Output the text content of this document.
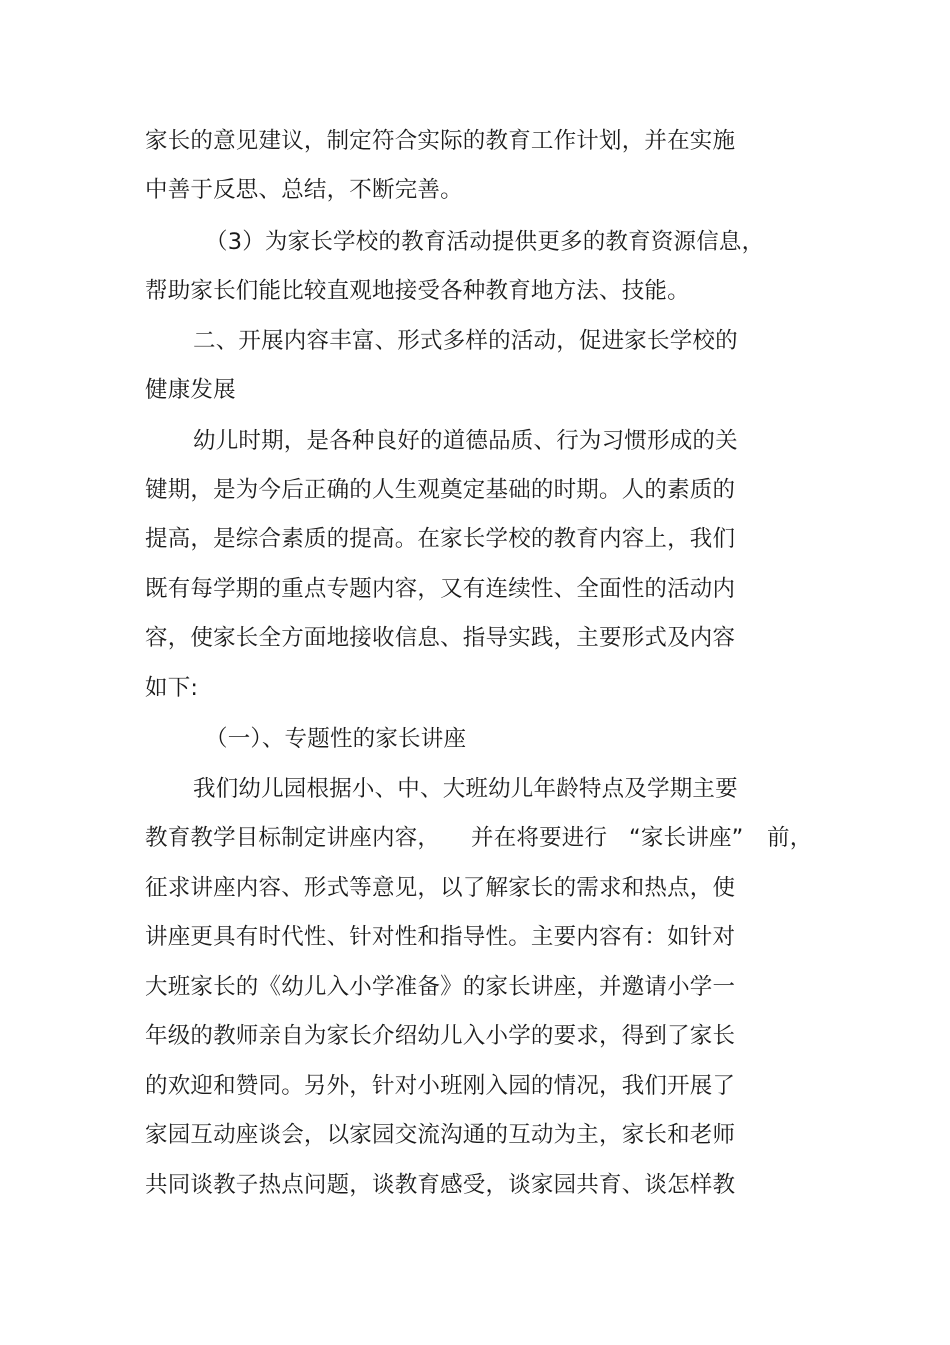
家长的意见建议，制定符合实际的教育工作计划，并在实施
中善于反思、总结，不断完善。
（3）为家长学校的教育活动提供更多的教育资源信息，
帮助家长们能比较直观地接受各种教育地方法、技能。
二、开展内容丰富、形式多样的活动，促进家长学校的
健康发展
幼儿时期，是各种良好的道德品质、行为习惯形成的关
键期，是为今后正确的人生观奠定基础的时期。人的素质的
提高，是综合素质的提高。在家长学校的教育内容上，我们
既有每学期的重点专题内容，又有连续性、全面性的活动内
容，使家长全方面地接收信息、指导实践，主要形式及内容
如下:
（一）、专题性的家长讲座
我们幼儿园根据小、中、大班幼儿年龄特点及学期主要
教育教学目标制定讲座内容， 并在将要进行 “家长讲座” 前，
征求讲座内容、形式等意见，以了解家长的需求和热点，使
讲座更具有时代性、针对性和指导性。主要内容有：如针对
大班家长的《幼儿入小学准备》的家长讲座，并邀请小学一
年级的教师亲自为家长介绍幼儿入小学的要求，得到了家长
的欢迎和赞同。另外，针对小班刚入园的情况，我们开展了
家园互动座谈会，以家园交流沟通的互动为主，家长和老师
共同谈教子热点问题，谈教育感受，谈家园共育、谈怎样教
